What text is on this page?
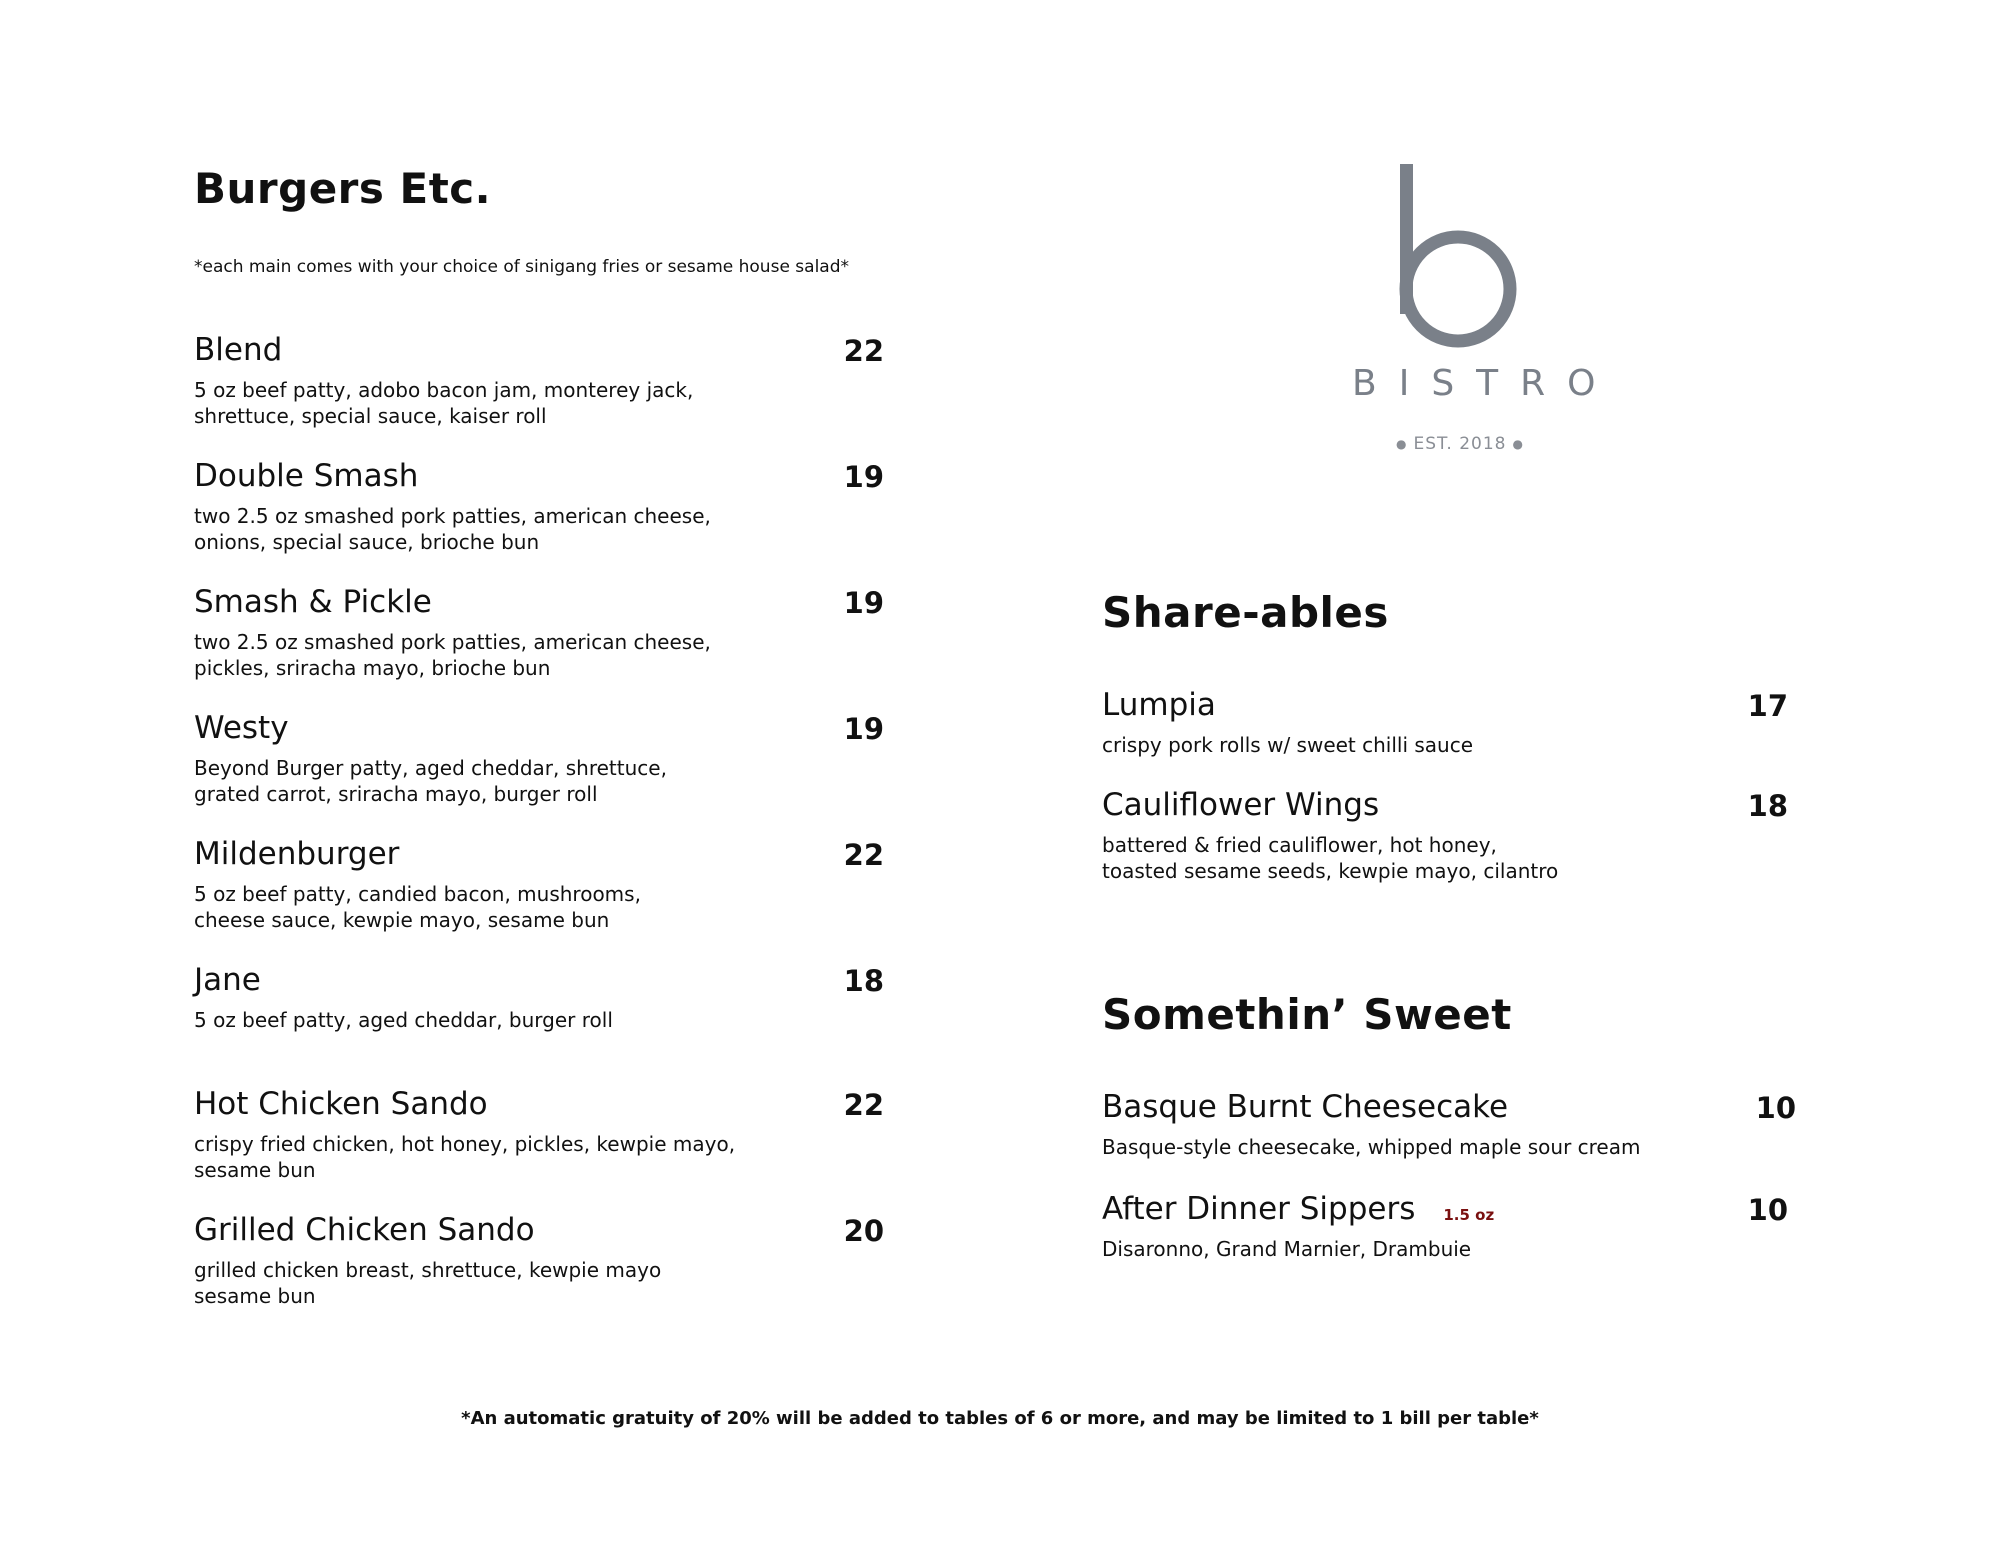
Burgers Etc.
*each main comes with your choice of sinigang fries or sesame house salad*
Blend	22
5 oz beef patty, adobo bacon jam, monterey jack,
shrettuce, special sauce, kaiser roll
Double Smash	19
two 2.5 oz smashed pork patties, american cheese,
onions, special sauce, brioche bun
Smash & Pickle	19
two 2.5 oz smashed pork patties, american cheese,
pickles, sriracha mayo, brioche bun
Westy	19
Beyond Burger patty, aged cheddar, shrettuce,
grated carrot, sriracha mayo, burger roll
Mildenburger	22
5 oz beef patty, candied bacon, mushrooms,
cheese sauce, kewpie mayo, sesame bun
Jane	18
5 oz beef patty, aged cheddar, burger roll
Hot Chicken Sando	22
crispy fried chicken, hot honey, pickles, kewpie mayo,
sesame bun
Grilled Chicken Sando	20
grilled chicken breast, shrettuce, kewpie mayo
sesame bun
BISTRO
● EST. 2018 ●
Share-ables
Lumpia	17
crispy pork rolls w/ sweet chilli sauce
Cauliflower Wings	18
battered & fried cauliflower, hot honey,
toasted sesame seeds, kewpie mayo, cilantro
Somethin’ Sweet
Basque Burnt Cheesecake	10
Basque-style cheesecake, whipped maple sour cream
After Dinner Sippers 1.5 oz	10
Disaronno, Grand Marnier, Drambuie
*An automatic gratuity of 20% will be added to tables of 6 or more, and may be limited to 1 bill per table*
